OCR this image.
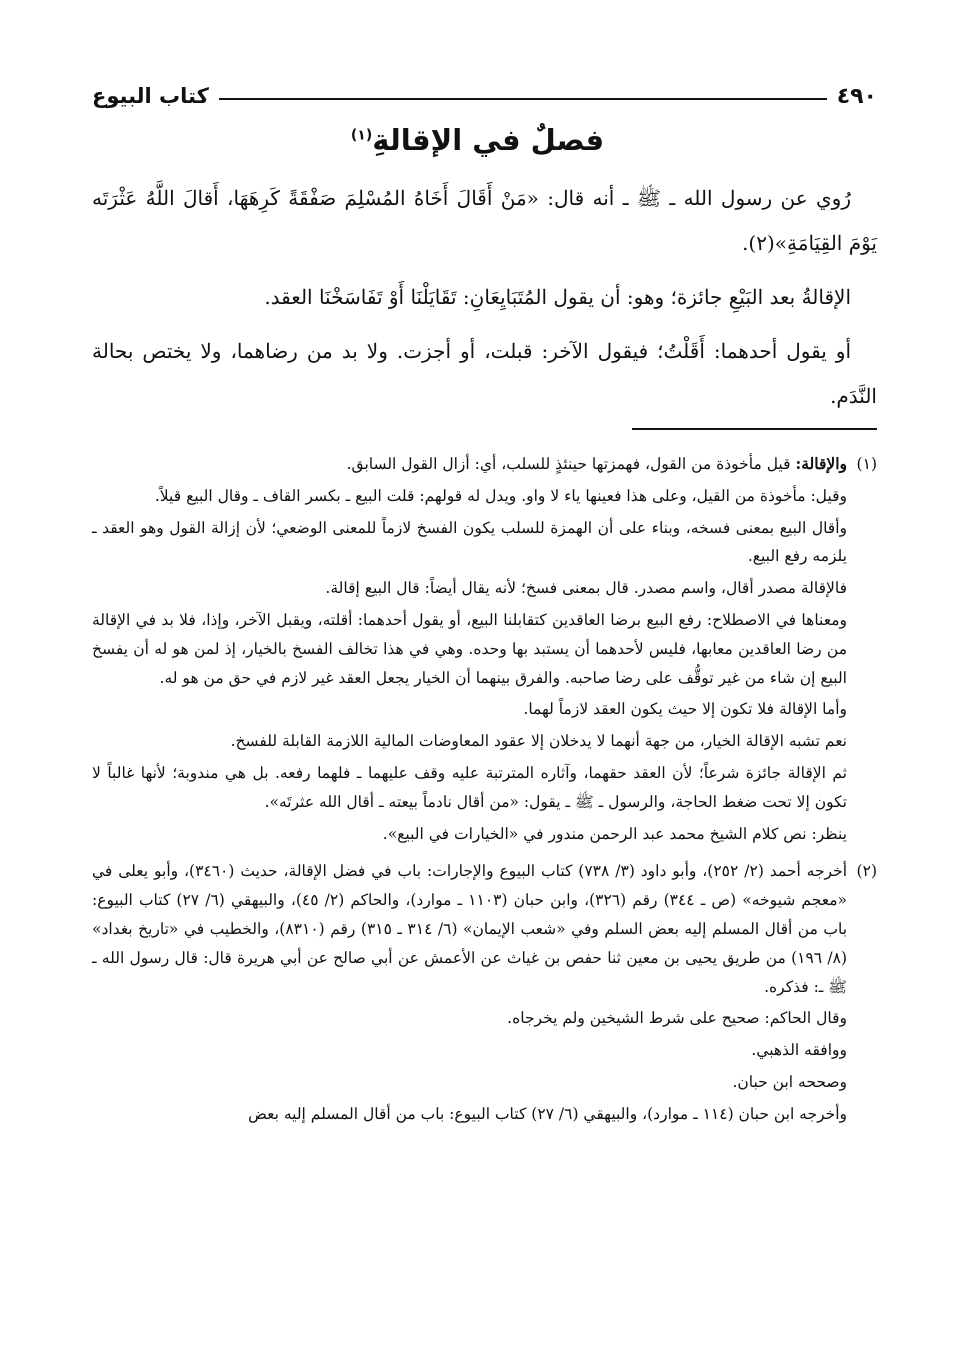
٤٩٠
كتاب البيوع
فصلٌ في الإقالةِ$^{(١)}$

رُوي عن رسول الله ـ ﷺ ـ أنه قال: «مَنْ أَقَالَ أَخَاهُ المُسْلِمَ صَفْقَةً كَرِهَهَا، أَقالَ اللَّهُ عَثْرَتَه يَوْمَ القِيَامَةِ»(٢).

الإقالةُ بعد البَيْعِ جائزة؛ وهو: أن يقول المُتَبَايِعَانِ: تَقَايَلْنَا أَوْ تَفَاسَخْنَا العقد.

أو يقول أحدهما: أَقَلْتُ؛ فيقول الآخر: قبلت، أو أجزت. ولا بد من رضاهما، ولا يختص بحالة النَّدَم.

(١)

والإقالة: قيل مأخوذة من القول، فهمزتها حينئذٍ للسلب، أي: أزال القول السابق.

وقيل: مأخوذة من القيل، وعلى هذا فعينها ياء لا واو. ويدل له قولهم: قلت البيع ـ بكسر القاف ـ وقال البيع قيلاً.

وأقال البيع بمعنى فسخه، وبناء على أن الهمزة للسلب يكون الفسخ لازماً للمعنى الوضعي؛ لأن إزالة القول وهو العقد ـ يلزمه رفع البيع.

فالإقالة مصدر أقال، واسم مصدر. قال بمعنى فسخ؛ لأنه يقال أيضاً: قال البيع إقالة.

ومعناها في الاصطلاح: رفع البيع برضا العاقدين كتقابلنا البيع، أو يقول أحدهما: أقلته، ويقبل الآخر، وإذا، فلا بد في الإقالة من رضا العاقدين معابها، فليس لأحدهما أن يستبد بها وحده. وهي في هذا تخالف الفسخ بالخيار، إذ لمن هو له أن يفسخ البيع إن شاء من غير توقُّف على رضا صاحبه. والفرق بينهما أن الخيار يجعل العقد غير لازم في حق من هو له.

وأما الإقالة فلا تكون إلا حيث يكون العقد لازماً لهما.

نعم تشبه الإقالة الخيار، من جهة أنهما لا يدخلان إلا عقود المعاوضات المالية اللازمة القابلة للفسخ.

ثم الإقالة جائزة شرعاً؛ لأن العقد حقهما، وآثاره المترتبة عليه وقف عليهما ـ فلهما رفعه. بل هي مندوبة؛ لأنها غالباً لا تكون إلا تحت ضغط الحاجة، والرسول ـ ﷺ ـ يقول: «من أقال نادماً بيعته ـ أقال الله عثرتَه».

ينظر: نص كلام الشيخ محمد عبد الرحمن مندور في «الخيارات في البيع».

(٢)

أخرجه أحمد (٢/ ٢٥٢)، وأبو داود (٣/ ٧٣٨) كتاب البيوع والإجارات: باب في فضل الإقالة، حديث (٣٤٦٠)، وأبو يعلى في «معجم شيوخه» (ص ـ ٣٤٤) رقم (٣٢٦)، وابن حبان (١١٠٣ ـ موارد)، والحاكم (٢/ ٤٥)، والبيهقي (٦/ ٢٧) كتاب البيوع: باب من أقال المسلم إليه بعض السلم وفي «شعب الإيمان» (٦/ ٣١٤ ـ ٣١٥) رقم (٨٣١٠)، والخطيب في «تاريخ بغداد» (٨/ ١٩٦) من طريق يحيى بن معين ثنا حفص بن غياث عن الأعمش عن أبي صالح عن أبي هريرة قال: قال رسول الله ـ ﷺ ـ: فذكره.

وقال الحاكم: صحيح على شرط الشيخين ولم يخرجاه.

ووافقه الذهبي.

وصححه ابن حبان.

وأخرجه ابن حبان (١١٤ ـ موارد)، والبيهقي (٦/ ٢٧) كتاب البيوع: باب من أقال المسلم إليه بعض
